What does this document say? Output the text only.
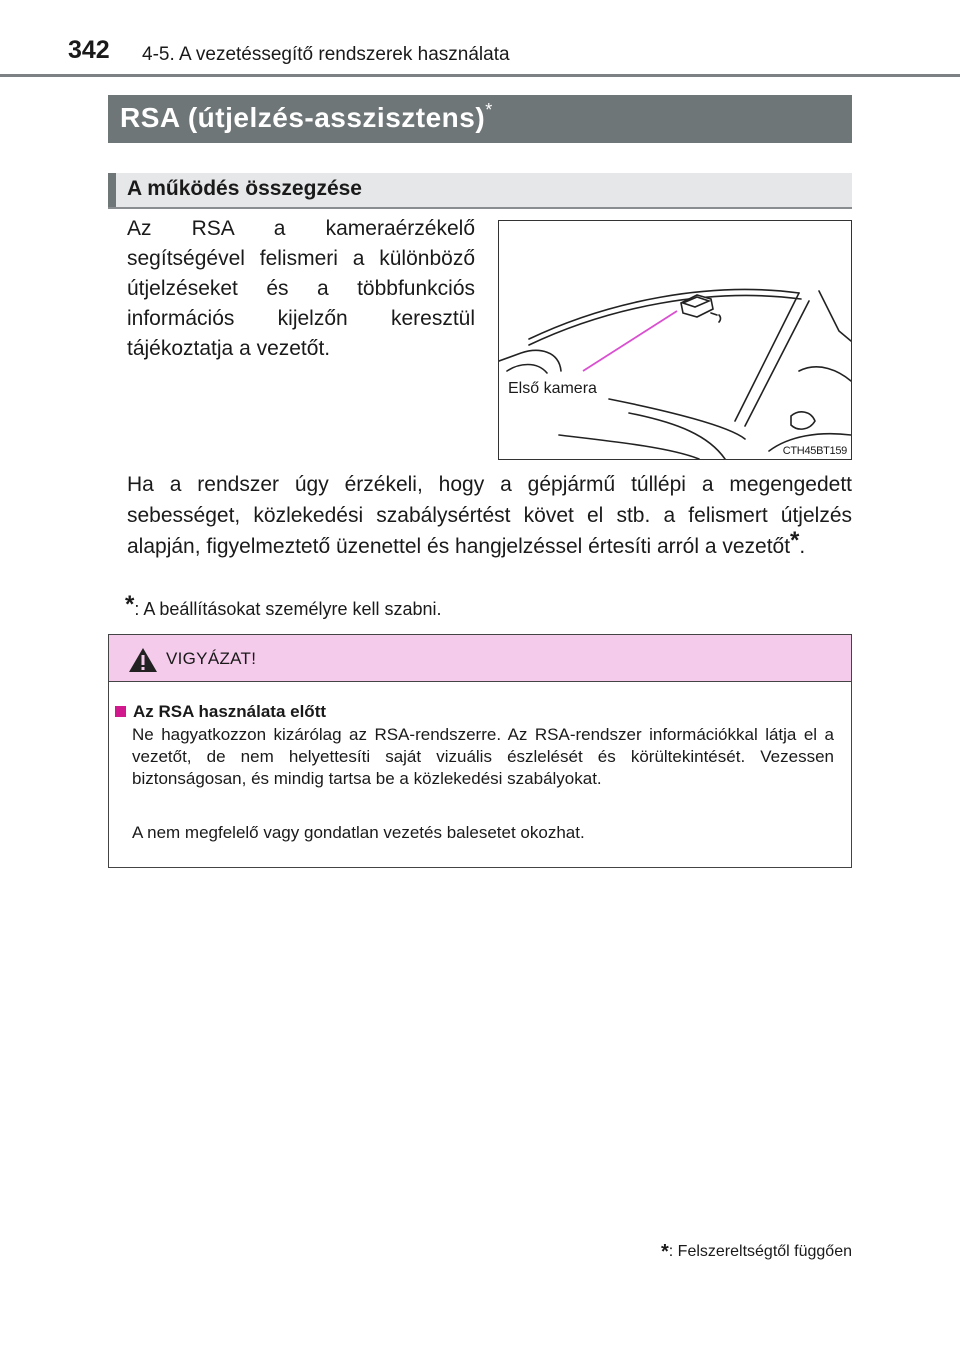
342 4-5. A vezetéssegítő rendszerek használata
RSA (útjelzés-asszisztens)*
A működés összegzése
Az RSA a kameraérzékelő segítségével felismeri a különböző útjelzéseket és a többfunkciós információs kijelzőn keresztül tájékoztatja a vezetőt.
Első kamera
CTH45BT159
Ha a rendszer úgy érzékeli, hogy a gépjármű túllépi a megengedett sebességet, közlekedési szabálysértést követ el stb. a felismert útjelzés alapján, figyelmeztető üzenettel és hangjelzéssel értesíti arról a vezetőt*.
*: A beállításokat személyre kell szabni.
VIGYÁZAT!
Az RSA használata előtt
Ne hagyatkozzon kizárólag az RSA-rendszerre. Az RSA-rendszer információkkal látja el a vezetőt, de nem helyettesíti saját vizuális észlelését és körültekintését. Vezessen biztonságosan, és mindig tartsa be a közlekedési szabályokat.
A nem megfelelő vagy gondatlan vezetés balesetet okozhat.
*: Felszereltségtől függően
